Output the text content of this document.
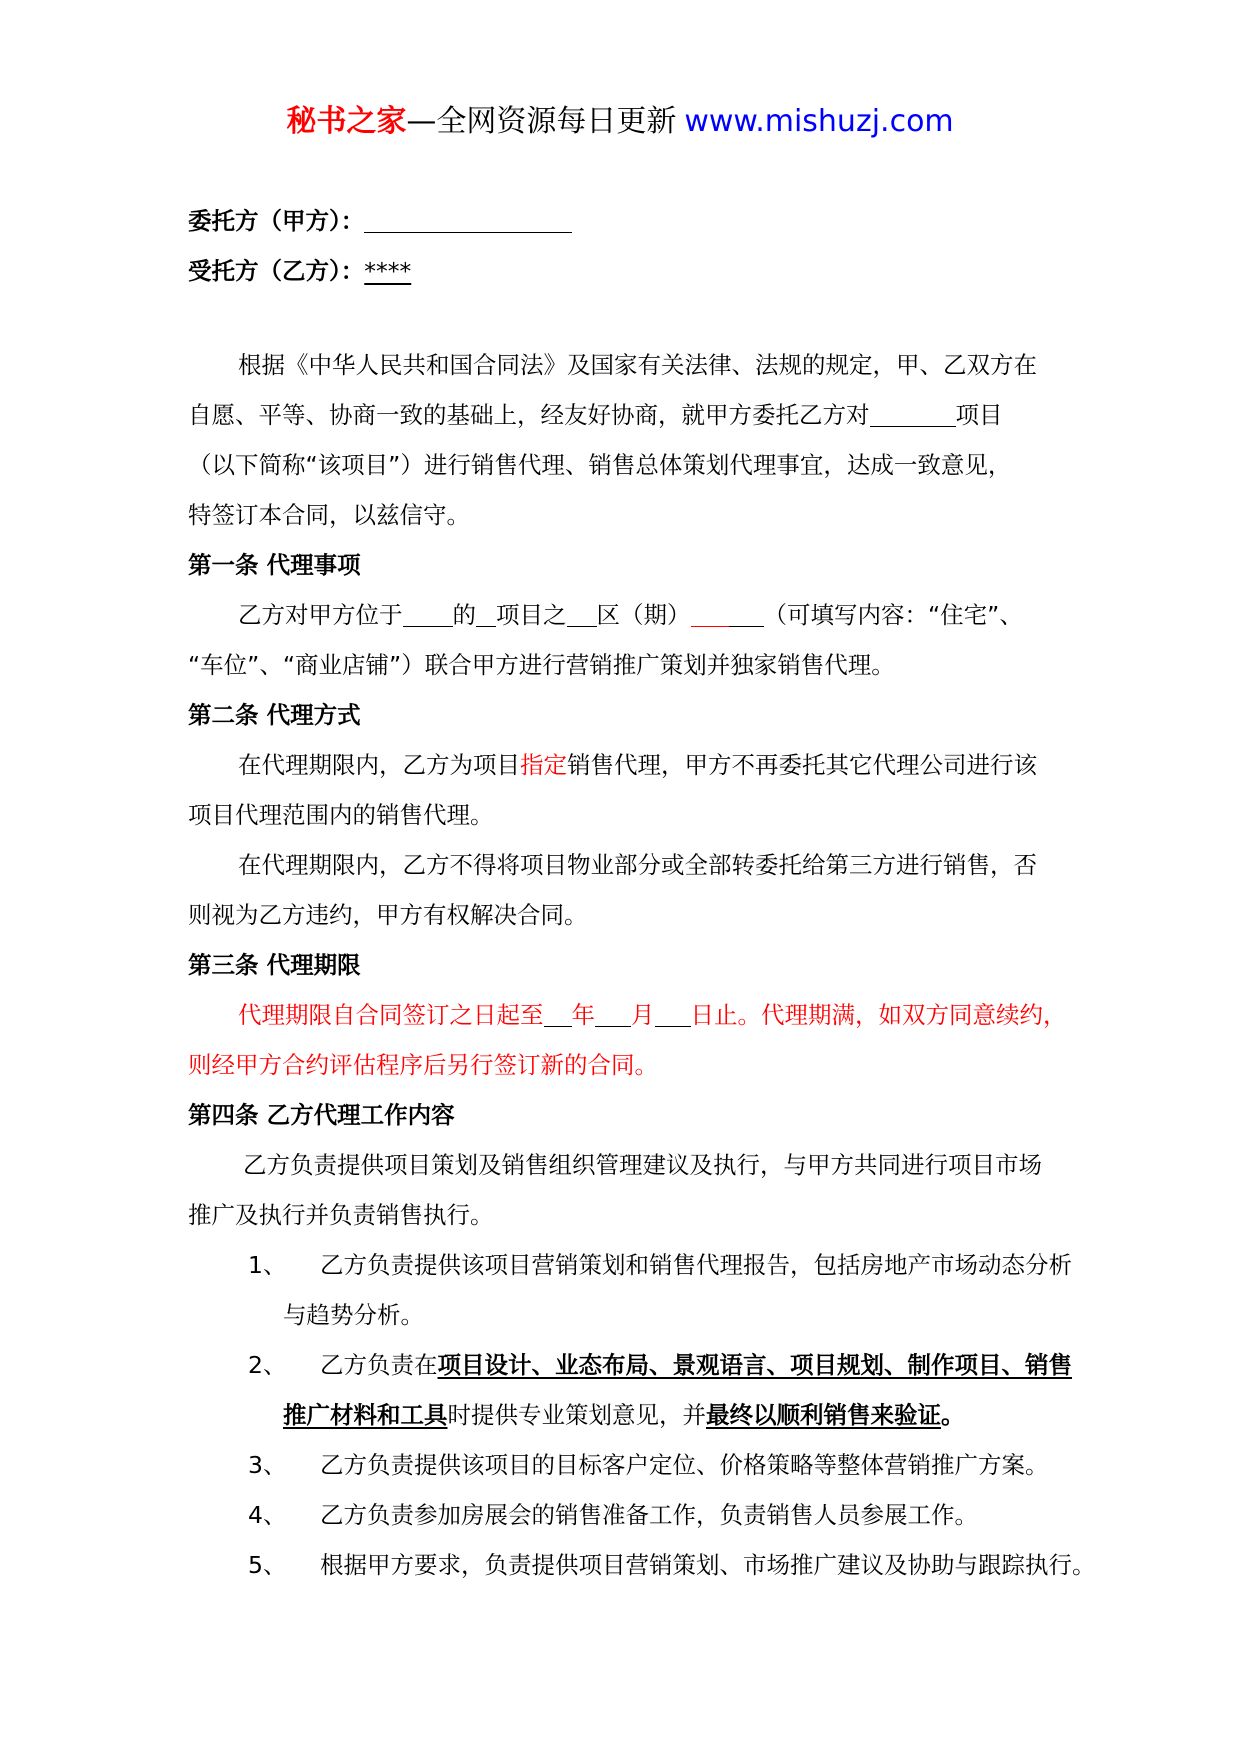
秘书之家—全网资源每日更新 www.mishuzj.com
委托方（甲方）：
受托方（乙方）：****
根据《中华人民共和国合同法》及国家有关法律、法规的规定，甲、乙双方在
自愿、平等、协商一致的基础上，经友好协商，就甲方委托乙方对	项目
（以下简称“该项目”）进行销售代理、销售总体策划代理事宜，达成一致意见，
特签订本合同，以兹信守。
第一条 代理事项
乙方对甲方位于 的 项目之 区（期）	（可填写内容：“住宅”、
“车位”、“商业店铺”）联合甲方进行营销推广策划并独家销售代理。
第二条 代理方式
在代理期限内，乙方为项目指定销售代理，甲方不再委托其它代理公司进行该
项目代理范围内的销售代理。
在代理期限内，乙方不得将项目物业部分或全部转委托给第三方进行销售，否
则视为乙方违约，甲方有权解决合同。
第三条 代理期限
代理期限自合同签订之日起至 年 月 日止。代理期满，如双方同意续约，
则经甲方合约评估程序后另行签订新的合同。
第四条 乙方代理工作内容
乙方负责提供项目策划及销售组织管理建议及执行，与甲方共同进行项目市场
推广及执行并负责销售执行。
1、 乙方负责提供该项目营销策划和销售代理报告，包括房地产市场动态分析
与趋势分析。
2、 乙方负责在项目设计、业态布局、景观语言、项目规划、制作项目、销售
推广材料和工具时提供专业策划意见，并最终以顺利销售来验证。
3、 乙方负责提供该项目的目标客户定位、价格策略等整体营销推广方案。
4、 乙方负责参加房展会的销售准备工作，负责销售人员参展工作。
5、 根据甲方要求，负责提供项目营销策划、市场推广建议及协助与跟踪执行。
